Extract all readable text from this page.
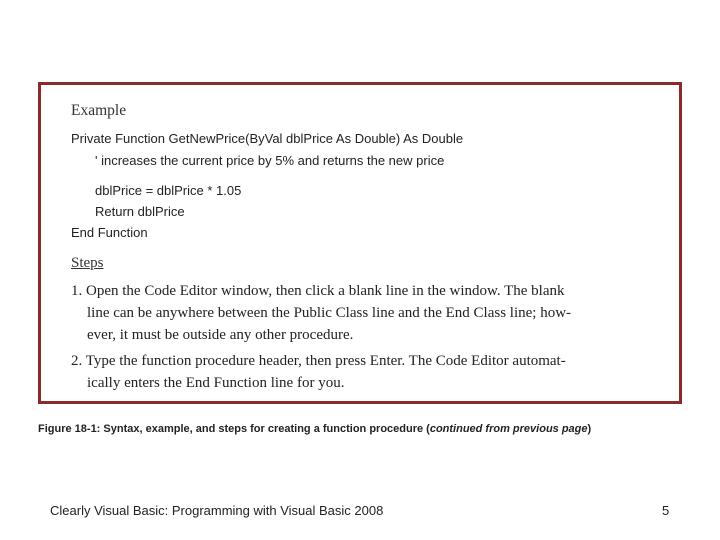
Example
Private Function GetNewPrice(ByVal dblPrice As Double) As Double
' increases the current price by 5% and returns the new price
dblPrice = dblPrice * 1.05
Return dblPrice
End Function
Steps
1. Open the Code Editor window, then click a blank line in the window. The blank
line can be anywhere between the Public Class line and the End Class line; how-
ever, it must be outside any other procedure.
2. Type the function procedure header, then press Enter. The Code Editor automat-
ically enters the End Function line for you.
Figure 18-1: Syntax, example, and steps for creating a function procedure (continued from previous page)
Clearly Visual Basic: Programming with Visual Basic 2008	5
